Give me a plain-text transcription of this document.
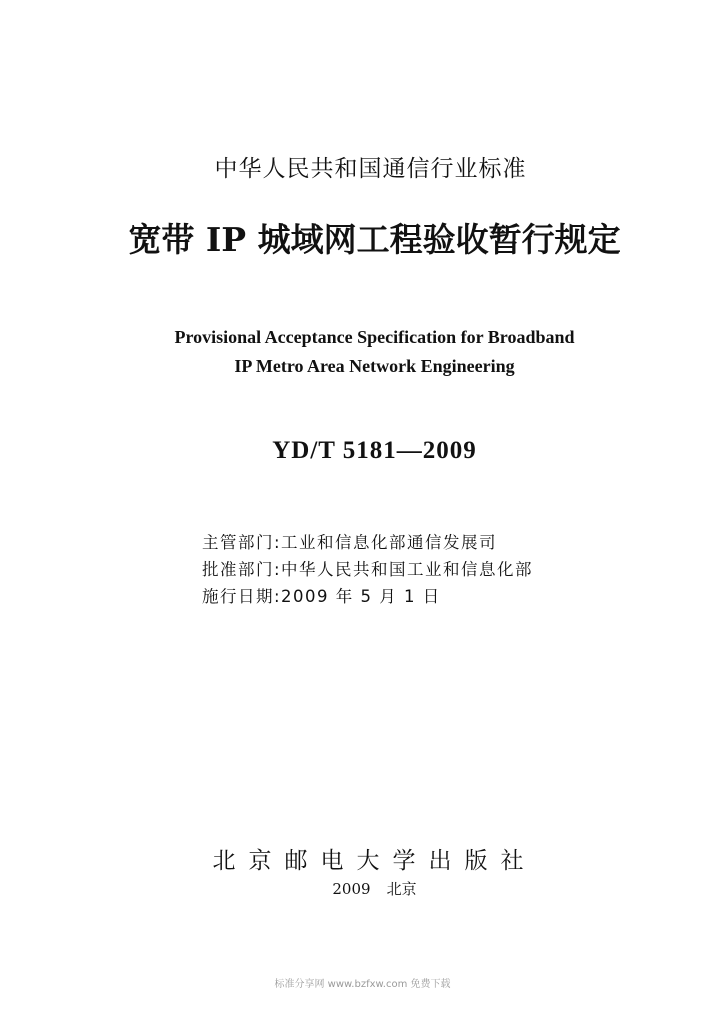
中华人民共和国通信行业标准
宽带 IP 城域网工程验收暂行规定
Provisional Acceptance Specification for Broadband
IP Metro Area Network Engineering
YD/T 5181—2009
主管部门:工业和信息化部通信发展司
批准部门:中华人民共和国工业和信息化部
施行日期:2009 年 5 月 1 日
北京邮电大学出版社
2009 北京
标准分享网 www.bzfxw.com 免费下载
